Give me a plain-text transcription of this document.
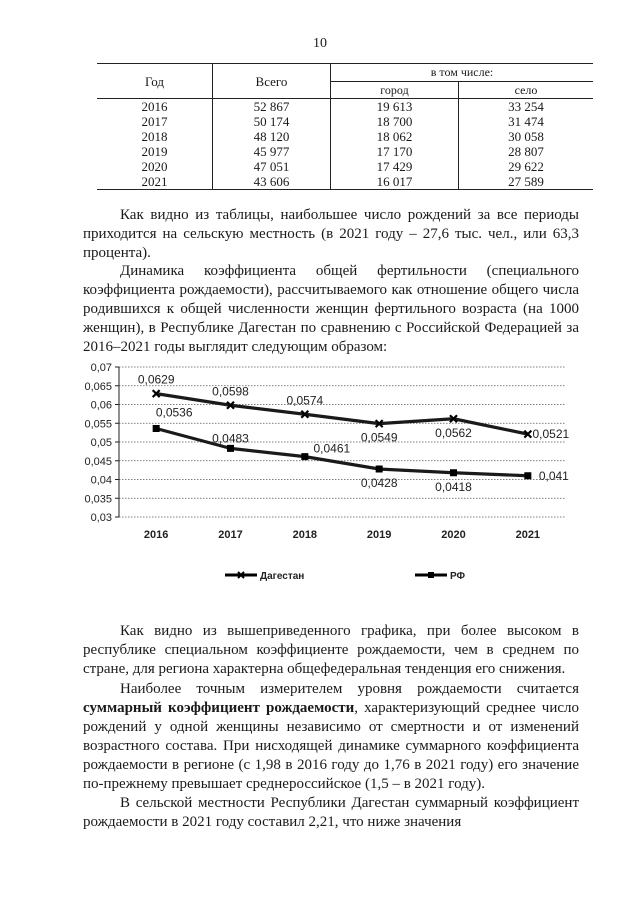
10
Год	Всего	в том числе:	
		город	село
2016	52 867	19 613	33 254
2017	50 174	18 700	31 474
2018	48 120	18 062	30 058
2019	45 977	17 170	28 807
2020	47 051	17 429	29 622
2021	43 606	16 017	27 589

Как видно из таблицы, наибольшее число рождений за все периоды приходится на сельскую местность (в 2021 году – 27,6 тыс. чел., или 63,3 процента).

Динамика коэффициента общей фертильности (специального коэффициента рождаемости), рассчитываемого как отношение общего числа родившихся к общей численности женщин фертильного возраста (на 1000 женщин), в Республике Дагестан по сравнению с Российской Федерацией за 2016–2021 годы выглядит следующим образом:

0,03
0,035
0,04
0,045
0,05
0,055
0,06
0,065
0,07
2016	2017	2018	2019	2020	2021
0,0629
0,0598
0,0574
0,0549	0,0562	0,0521
0,0536
0,0483
0,0461
0,0428	0,0418
0,041
Дагестан	РФ

Как видно из вышеприведенного графика, при более высоком в республике специальном коэффициенте рождаемости, чем в среднем по стране, для региона характерна общефедеральная тенденция его снижения.

Наиболее точным измерителем уровня рождаемости считается суммарный коэффициент рождаемости, характеризующий среднее число рождений у одной женщины независимо от смертности и от изменений возрастного состава. При нисходящей динамике суммарного коэффициента рождаемости в регионе (с 1,98 в 2016 году до 1,76 в 2021 году) его значение по-прежнему превышает среднероссийское (1,5 – в 2021 году).

В сельской местности Республики Дагестан суммарный коэффициент рождаемости в 2021 году составил 2,21, что ниже значения
